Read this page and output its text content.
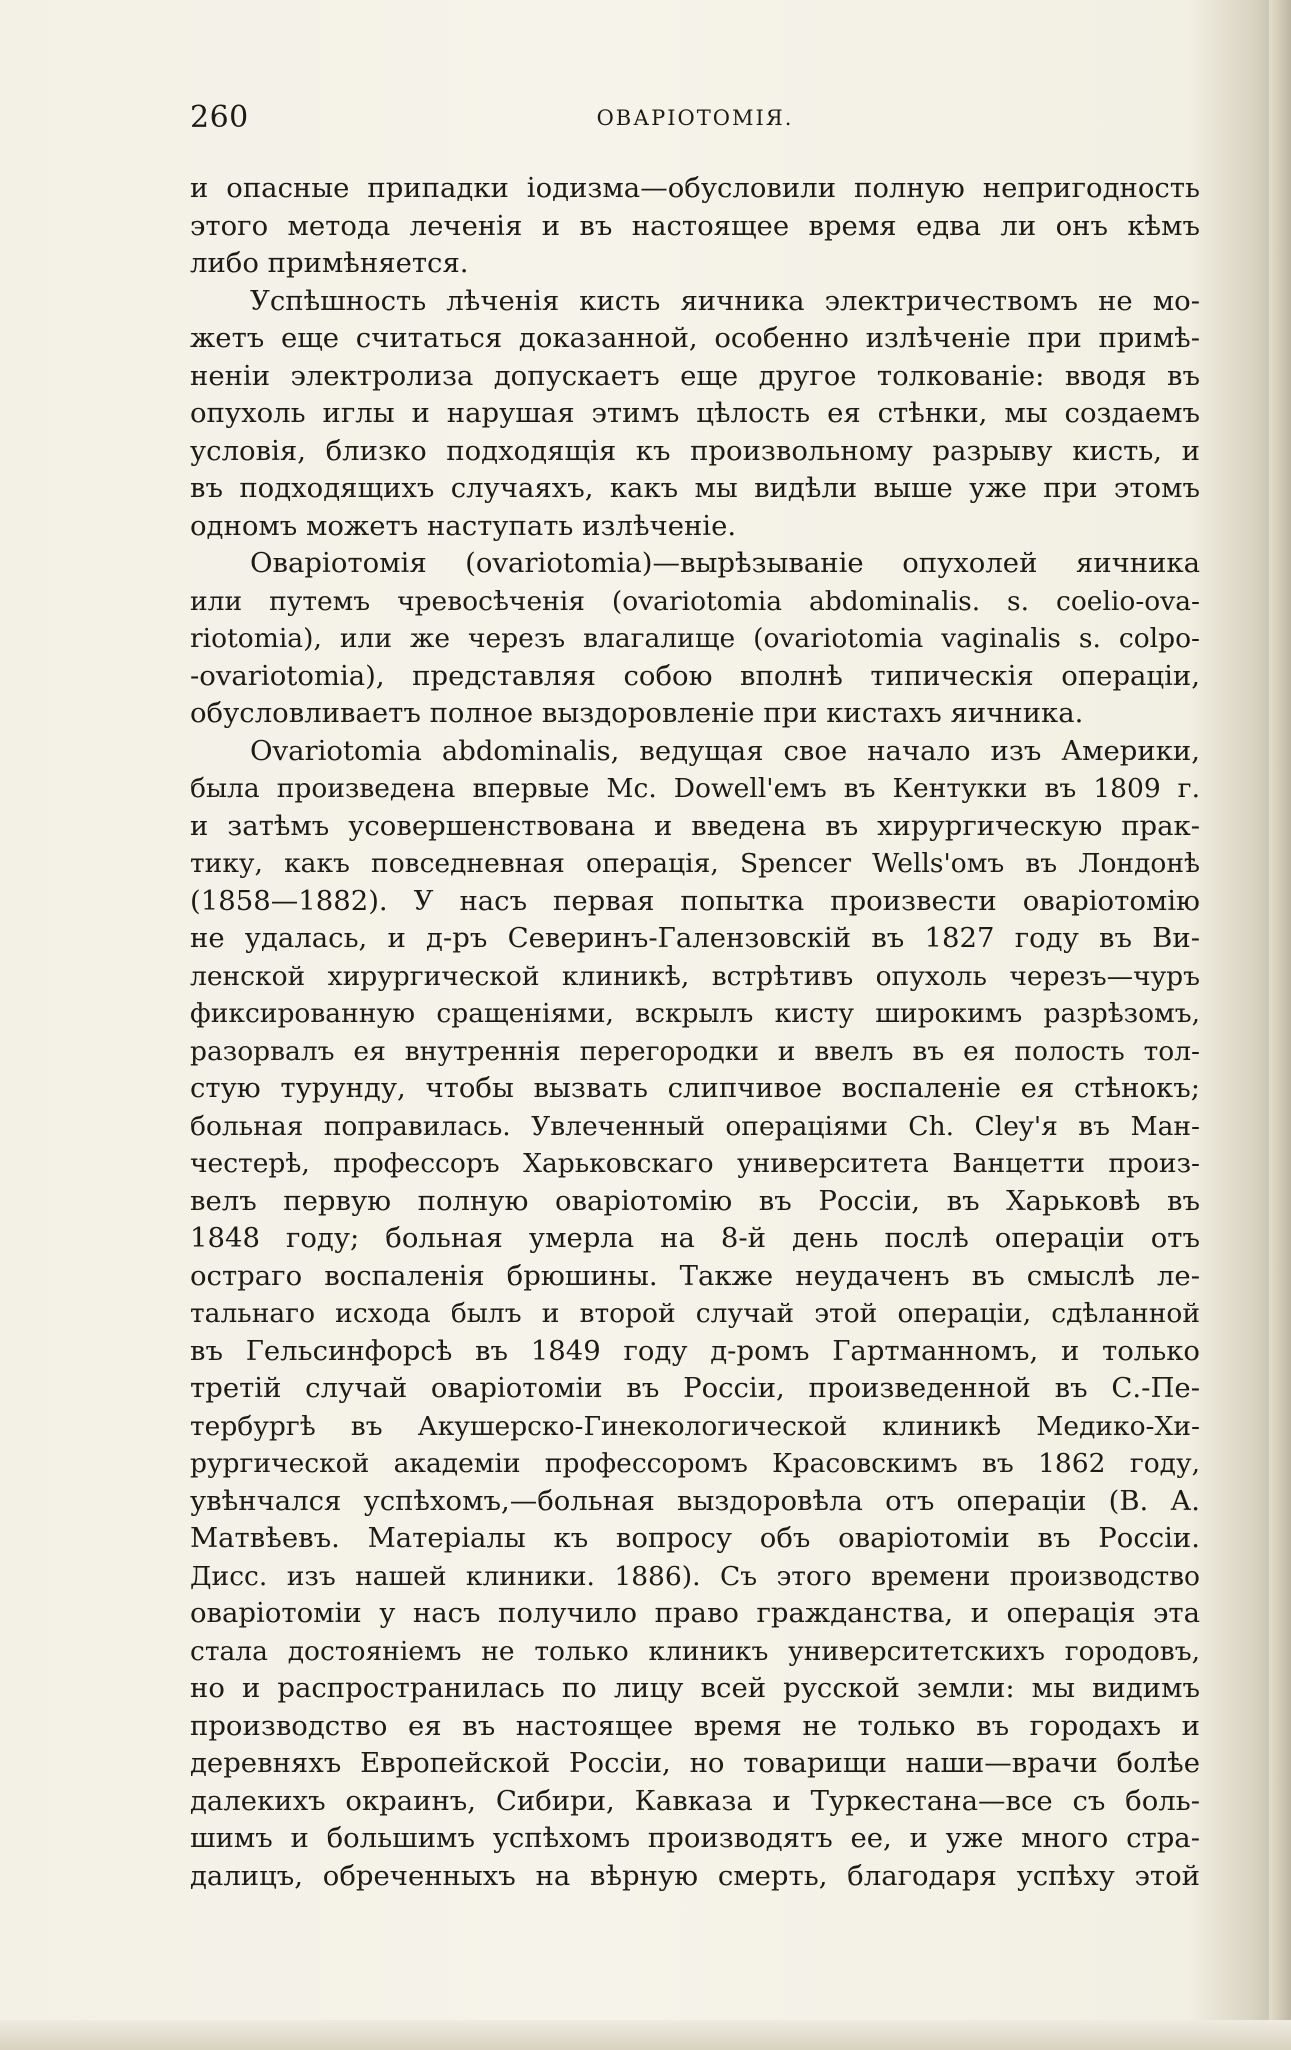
260	ОВАРIОТОМIЯ.
и опасные припадки iодизма—обусловили полную непригодность
этого метода леченiя и въ настоящее время едва ли онъ кѣмъ
либо примѣняется.
Успѣшность лѣченiя кисть яичника электричествомъ не мо-
жетъ еще считаться доказанной, особенно излѣченiе при примѣ-
ненiи электролиза допускаетъ еще другое толкованiе: вводя въ
опухоль иглы и нарушая этимъ цѣлость ея стѣнки, мы создаемъ
условiя, близко подходящiя къ произвольному разрыву кисть, и
въ подходящихъ случаяхъ, какъ мы видѣли выше уже при этомъ
одномъ можетъ наступать излѣченiе.
Оварiотомiя (ovariotomia)—вырѣзыванiе опухолей яичника
или путемъ чревосѣченiя (ovariotomia abdominalis. s. coelio-ova-
riotomia), или же черезъ влагалище (ovariotomia vaginalis s. colpo-
-ovariotomia), представляя собою вполнѣ типическiя операцiи,
обусловливаетъ полное выздоровленiе при кистахъ яичника.
Ovariotomia abdominalis, ведущая свое начало изъ Америки,
была произведена впервые Mc. Dowell'емъ въ Кентукки въ 1809 г.
и затѣмъ усовершенствована и введена въ хирургическую прак-
тику, какъ повседневная операцiя, Spencer Wells'омъ въ Лондонѣ
(1858—1882). У насъ первая попытка произвести оварiотомiю
не удалась, и д-ръ Северинъ-Галензовскiй въ 1827 году въ Ви-
ленской хирургической клиникѣ, встрѣтивъ опухоль черезъ—чуръ
фиксированную сращенiями, вскрылъ кисту широкимъ разрѣзомъ,
разорвалъ ея внутреннiя перегородки и ввелъ въ ея полость тол-
стую турунду, чтобы вызвать слипчивое воспаленiе ея стѣнокъ;
больная поправилась. Увлеченный операцiями Ch. Cley'я въ Ман-
честерѣ, профессоръ Харьковскаго университета Ванцетти произ-
велъ первую полную оварiотомiю въ Россiи, въ Харьковѣ въ
1848 году; больная умерла на 8-й день послѣ операцiи отъ
остраго воспаленiя брюшины. Также неудаченъ въ смыслѣ ле-
тальнаго исхода былъ и второй случай этой операцiи, сдѣланной
въ Гельсинфорсѣ въ 1849 году д-ромъ Гартманномъ, и только
третiй случай оварiотомiи въ Россiи, произведенной въ С.-Пе-
тербургѣ въ Акушерско-Гинекологической клиникѣ Медико-Хи-
рургической академiи профессоромъ Красовскимъ въ 1862 году,
увѣнчался успѣхомъ,—больная выздоровѣла отъ операцiи (В. А.
Матвѣевъ. Матерiалы къ вопросу объ оварiотомiи въ Россiи.
Дисс. изъ нашей клиники. 1886). Съ этого времени производство
оварiотомiи у насъ получило право гражданства, и операцiя эта
стала достоянiемъ не только клиникъ университетскихъ городовъ,
но и распространилась по лицу всей русской земли: мы видимъ
производство ея въ настоящее время не только въ городахъ и
деревняхъ Европейской Россiи, но товарищи наши—врачи болѣе
далекихъ окраинъ, Сибири, Кавказа и Туркестана—все съ боль-
шимъ и большимъ успѣхомъ производятъ ее, и уже много стра-
далицъ, обреченныхъ на вѣрную смерть, благодаря успѣху этой
